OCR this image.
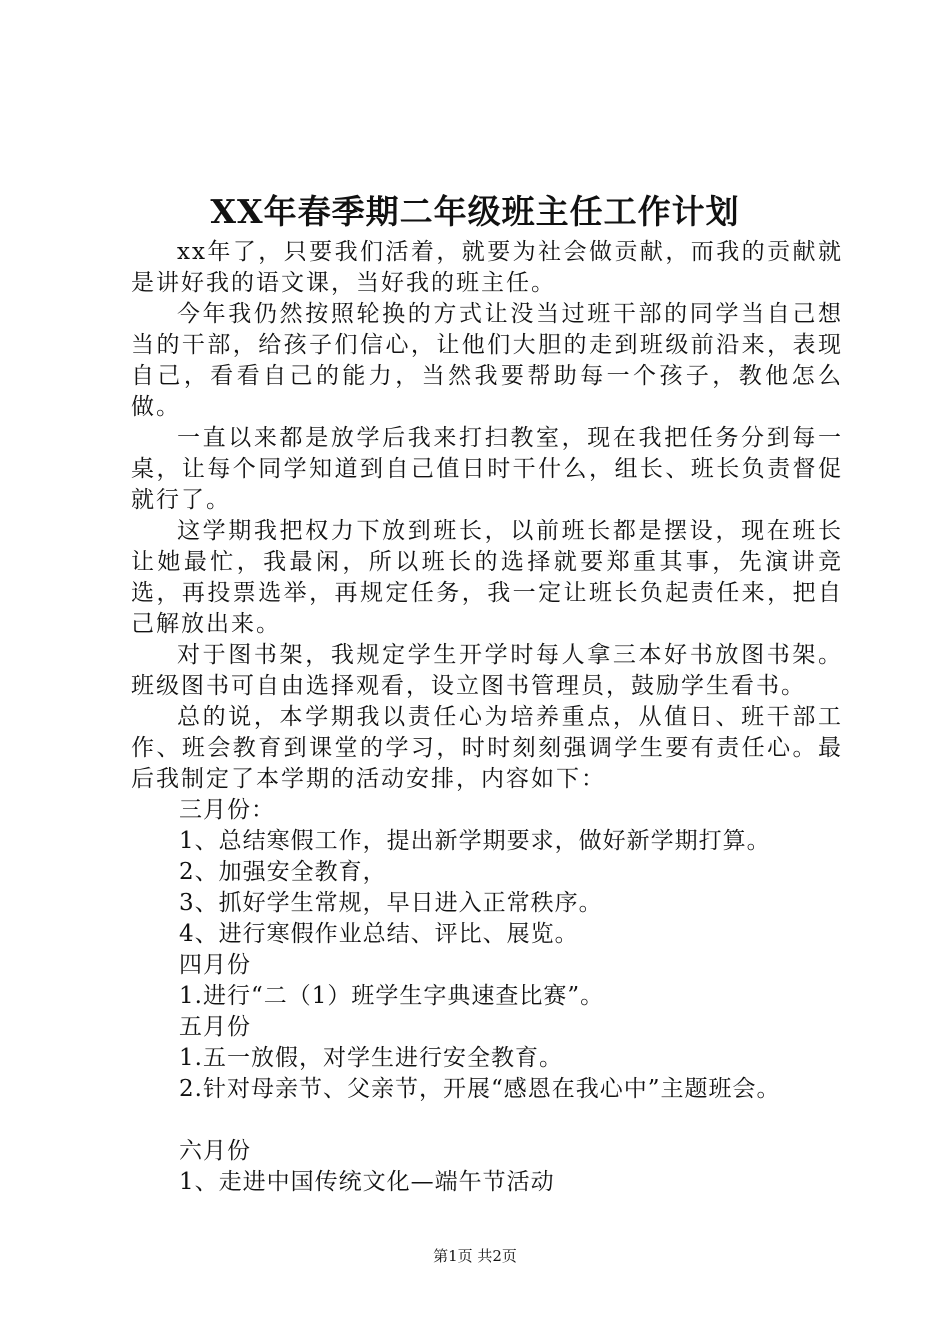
XX年春季期二年级班主任工作计划

xx年了，只要我们活着，就要为社会做贡献，而我的贡献就是讲好我的语文课，当好我的班主任。

今年我仍然按照轮换的方式让没当过班干部的同学当自己想当的干部，给孩子们信心，让他们大胆的走到班级前沿来，表现自己，看看自己的能力，当然我要帮助每一个孩子，教他怎么做。

一直以来都是放学后我来打扫教室，现在我把任务分到每一桌，让每个同学知道到自己值日时干什么，组长、班长负责督促就行了。

这学期我把权力下放到班长，以前班长都是摆设，现在班长让她最忙，我最闲，所以班长的选择就要郑重其事，先演讲竞选，再投票选举，再规定任务，我一定让班长负起责任来，把自己解放出来。

对于图书架，我规定学生开学时每人拿三本好书放图书架。班级图书可自由选择观看，设立图书管理员，鼓励学生看书。

总的说，本学期我以责任心为培养重点，从值日、班干部工作、班会教育到课堂的学习，时时刻刻强调学生要有责任心。最后我制定了本学期的活动安排，内容如下：

三月份：
1、总结寒假工作，提出新学期要求，做好新学期打算。
2、加强安全教育，
3、抓好学生常规，早日进入正常秩序。
4、进行寒假作业总结、评比、展览。
四月份
1.进行“二（1）班学生字典速查比赛”。
五月份
1.五一放假，对学生进行安全教育。
2.针对母亲节、父亲节，开展“感恩在我心中”主题班会。
六月份
1、走进中国传统文化—端午节活动
第1页 共2页
